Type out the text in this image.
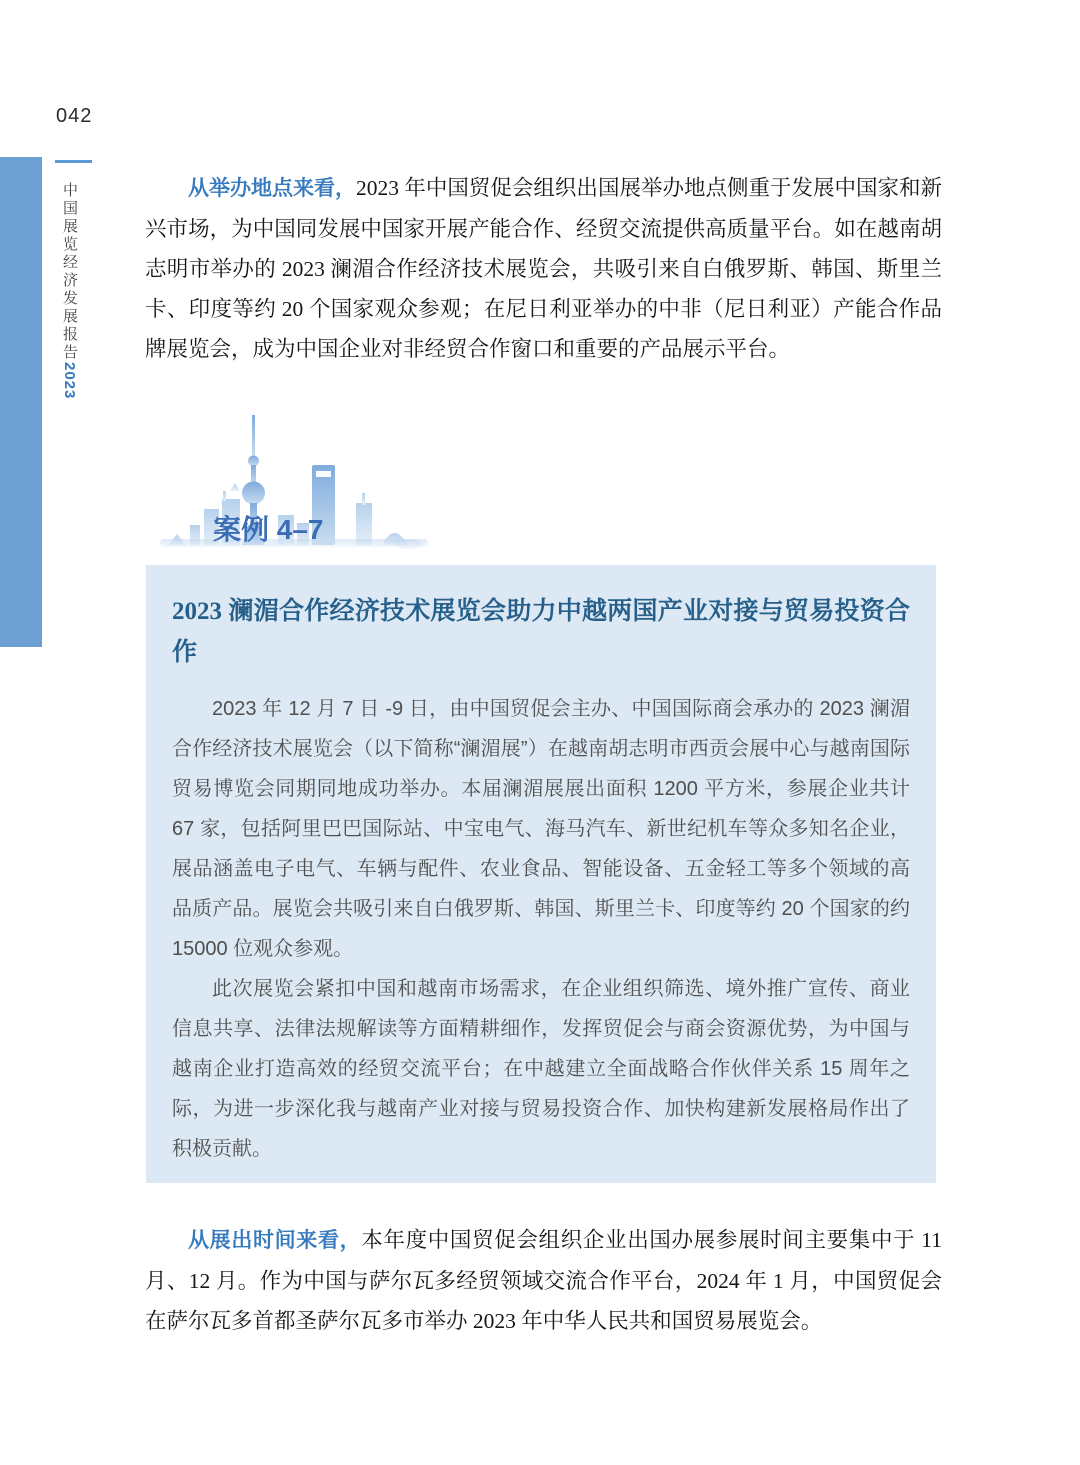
042
中国展览经济发展报告2023

从举办地点来看，2023 年中国贸促会组织出国展举办地点侧重于发展中国家和新兴市场，为中国同发展中国家开展产能合作、经贸交流提供高质量平台。如在越南胡志明市举办的 2023 澜湄合作经济技术展览会，共吸引来自白俄罗斯、韩国、斯里兰卡、印度等约 20 个国家观众参观；在尼日利亚举办的中非（尼日利亚）产能合作品牌展览会，成为中国企业对非经贸合作窗口和重要的产品展示平台。

案例 4–7
2023 澜湄合作经济技术展览会助力中越两国产业对接与贸易投资合作

2023 年 12 月 7 日 -9 日，由中国贸促会主办、中国国际商会承办的 2023 澜湄合作经济技术展览会（以下简称“澜湄展”）在越南胡志明市西贡会展中心与越南国际贸易博览会同期同地成功举办。本届澜湄展展出面积 1200 平方米，参展企业共计 67 家，包括阿里巴巴国际站、中宝电气、海马汽车、新世纪机车等众多知名企业，展品涵盖电子电气、车辆与配件、农业食品、智能设备、五金轻工等多个领域的高品质产品。展览会共吸引来自白俄罗斯、韩国、斯里兰卡、印度等约 20 个国家的约 15000 位观众参观。

此次展览会紧扣中国和越南市场需求，在企业组织筛选、境外推广宣传、商业信息共享、法律法规解读等方面精耕细作，发挥贸促会与商会资源优势，为中国与越南企业打造高效的经贸交流平台；在中越建立全面战略合作伙伴关系 15 周年之际，为进一步深化我与越南产业对接与贸易投资合作、加快构建新发展格局作出了积极贡献。

从展出时间来看，本年度中国贸促会组织企业出国办展参展时间主要集中于 11 月、12 月。作为中国与萨尔瓦多经贸领域交流合作平台，2024 年 1 月，中国贸促会在萨尔瓦多首都圣萨尔瓦多市举办 2023 年中华人民共和国贸易展览会。
